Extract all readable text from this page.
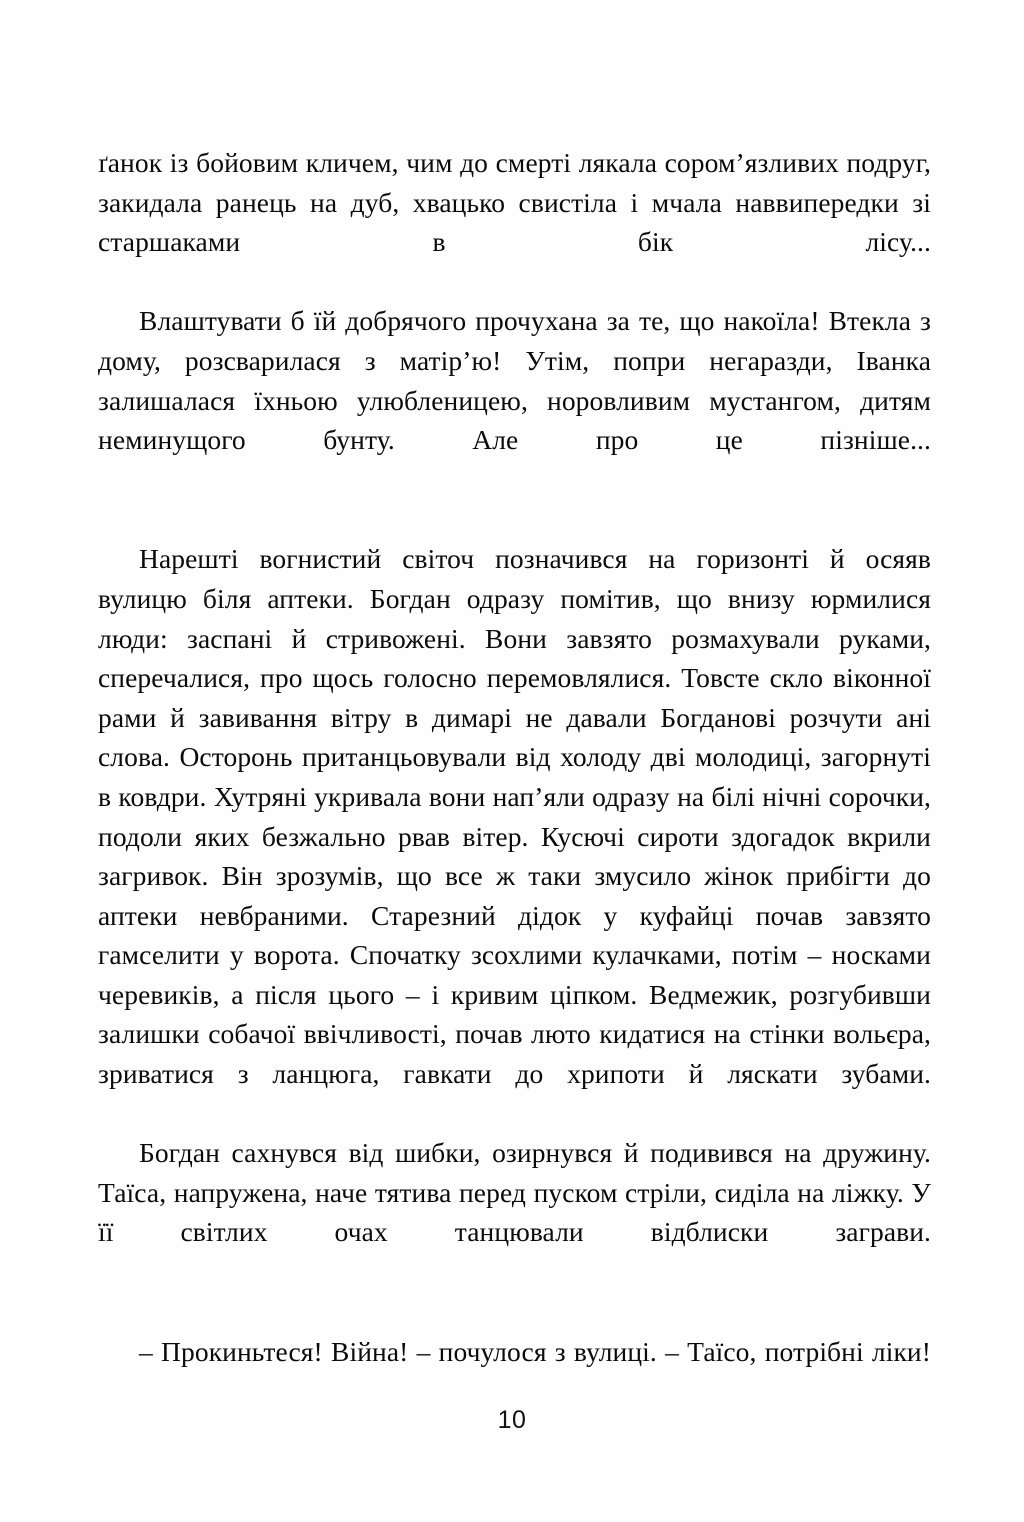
ґанок із бойовим кличем, чим до смерті лякала сором’язливих подруг, закидала ранець на дуб, хвацько свистіла і мчала наввипередки зі старшаками в бік лісу...

Влаштувати б їй добрячого прочухана за те, що накоїла! Втекла з дому, розсварилася з матір’ю! Утім, попри негаразди, Іванка залишалася їхньою улюбленицею, норовливим мустангом, дитям неминущого бунту. Але про це пізніше...

Нарешті вогнистий світоч позначився на горизонті й осяяв вулицю біля аптеки. Богдан одразу помітив, що внизу юрмилися люди: заспані й стривожені. Вони завзято розмахували руками, сперечалися, про щось голосно перемовлялися. Товсте скло віконної рами й завивання вітру в димарі не давали Богданові розчути ані слова. Осторонь пританцьовували від холоду дві молодиці, загорнуті в ковдри. Хутряні укривала вони нап’яли одразу на білі нічні сорочки, подоли яких безжально рвав вітер. Кусючі сироти здогадок вкрили загривок. Він зрозумів, що все ж таки змусило жінок прибігти до аптеки невбраними. Старезний дідок у куфайці почав завзято гамселити у ворота. Спочатку зсохлими кулачками, потім – носками черевиків, а після цього – і кривим ціпком. Ведмежик, розгубивши залишки собачої ввічливості, почав люто кидатися на стінки вольєра, зриватися з ланцюга, гавкати до хрипоти й ляскати зубами.

Богдан сахнувся від шибки, озирнувся й подивився на дружину. Таїса, напружена, наче тятива перед пуском стріли, сиділа на ліжку. У її світлих очах танцювали відблиски заграви.

– Прокиньтеся! Війна! – почулося з вулиці. – Таїсо, потрібні ліки!

10
